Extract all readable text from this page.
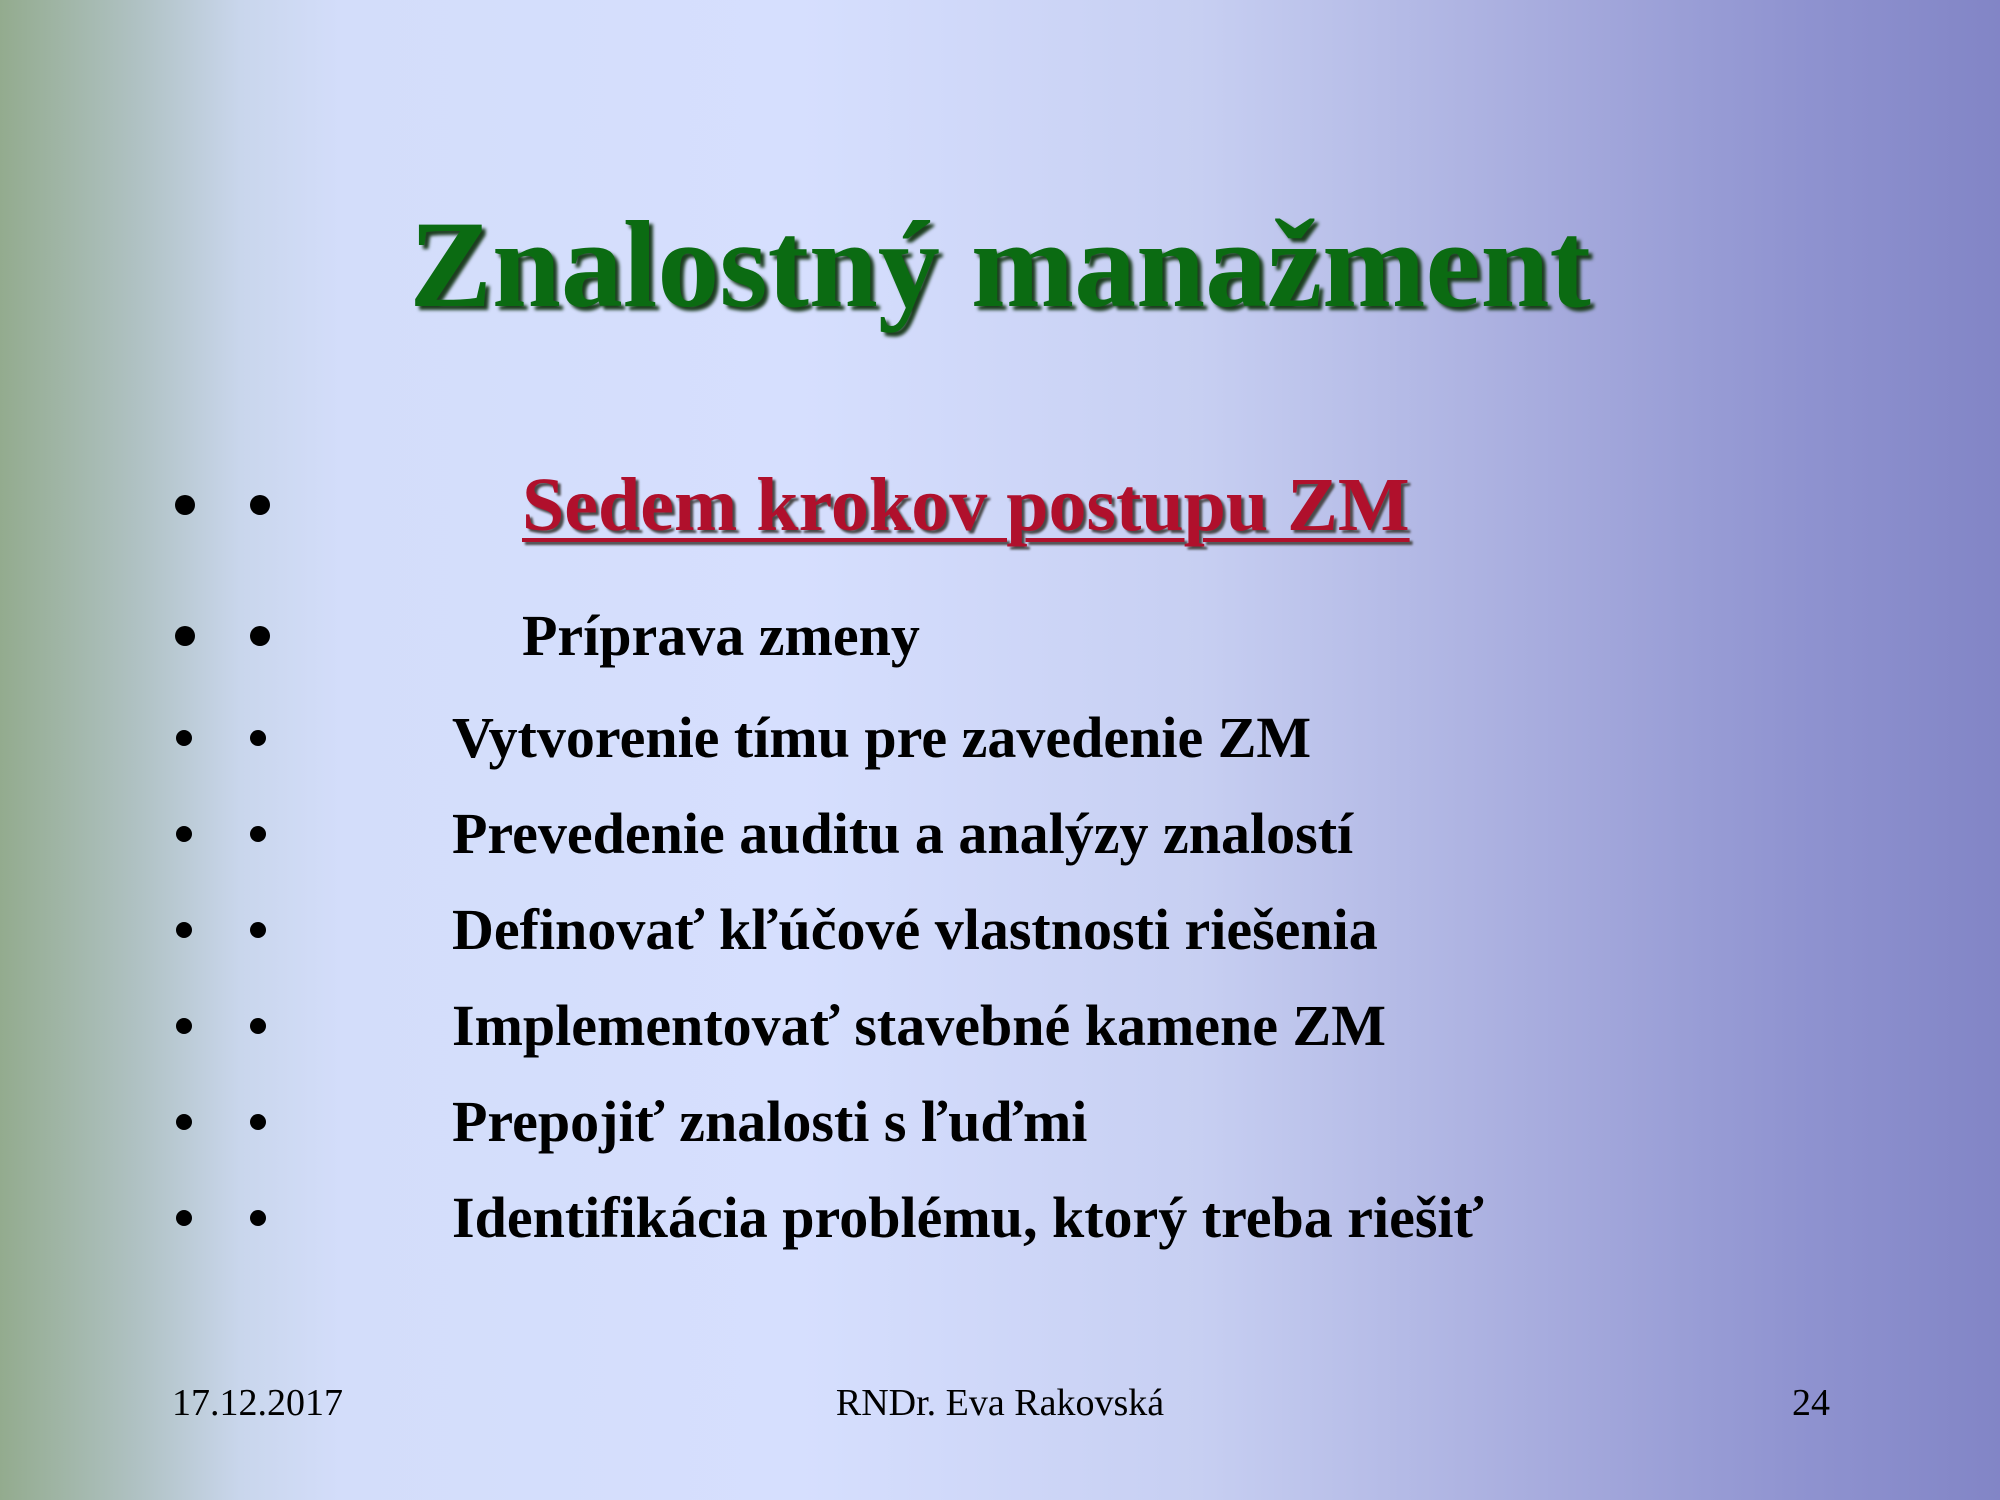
Znalostný manažment
Sedem krokov postupu ZM
Príprava zmeny
Vytvorenie tímu pre zavedenie ZM
Prevedenie auditu a analýzy znalostí
Definovať kľúčové vlastnosti riešenia
Implementovať stavebné kamene ZM
Prepojiť znalosti s ľuďmi
Identifikácia problému, ktorý treba riešiť
17.12.2017	RNDr. Eva Rakovská	24
